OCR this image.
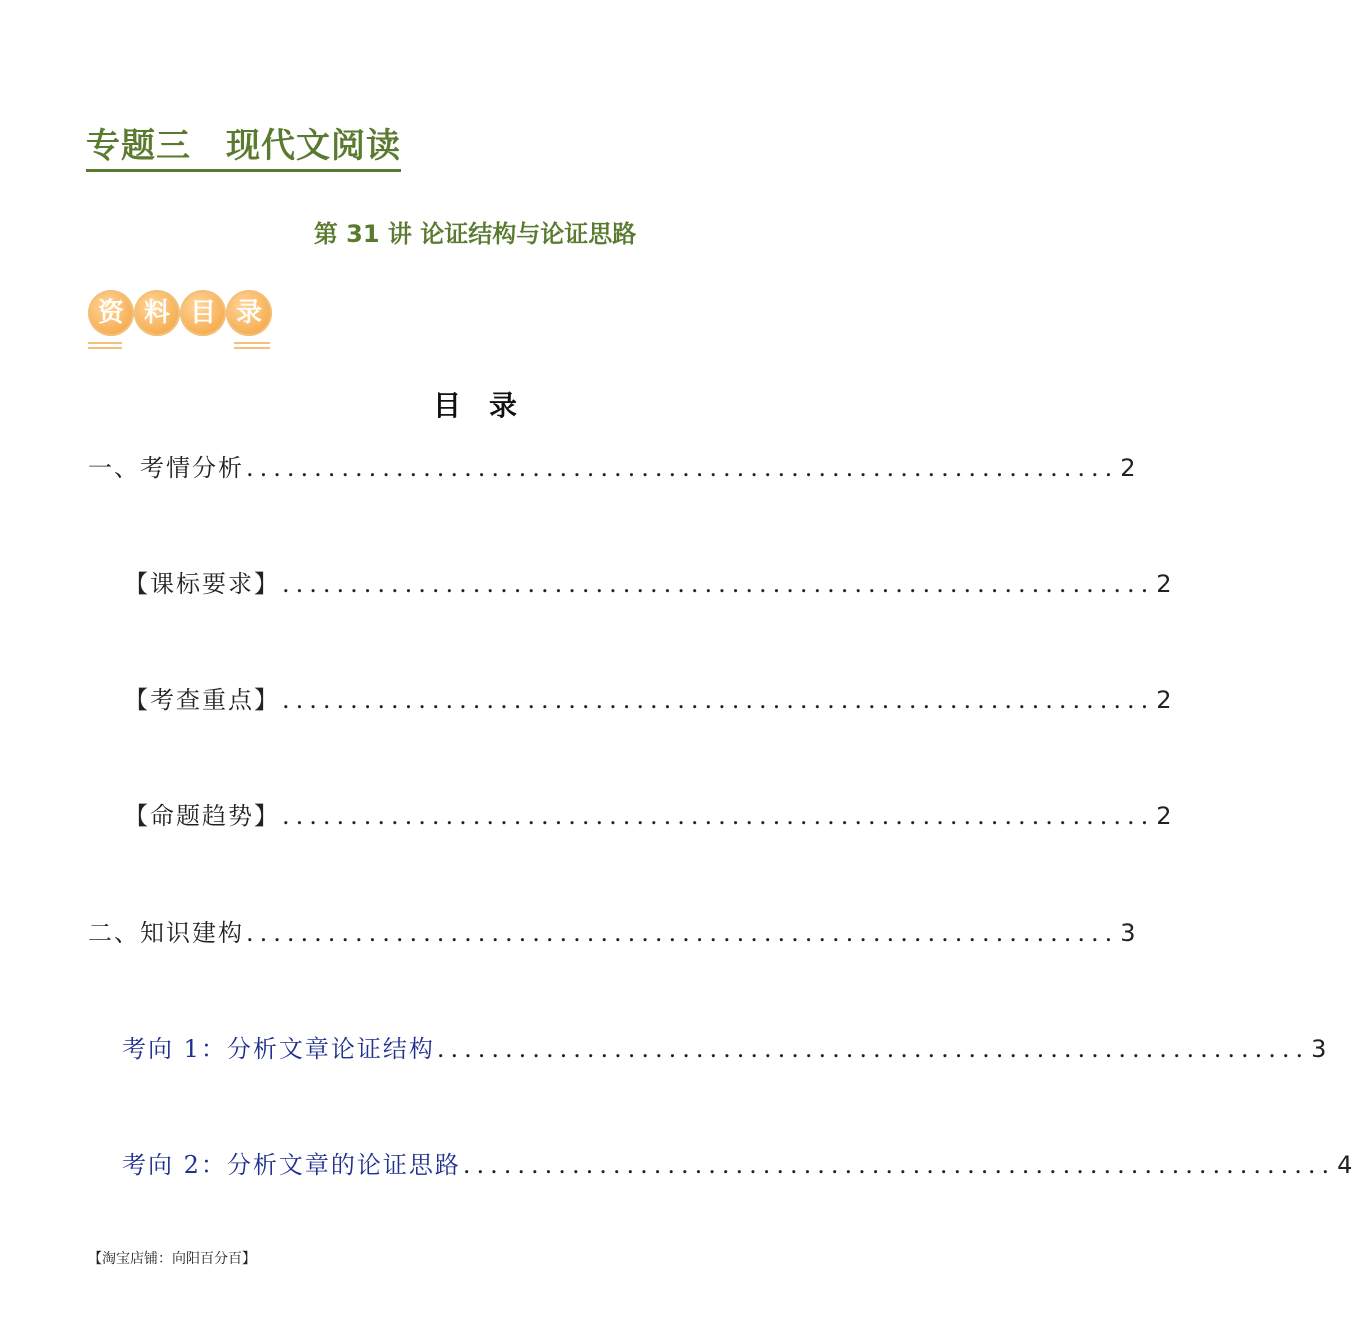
专题三　现代文阅读
第 31 讲 论证结构与论证思路
资 料 目 录
目　录
一、考情分析 ................................................................ 2
【课标要求】 ................................................................ 2
【考查重点】 ................................................................ 2
【命题趋势】 ................................................................ 2
二、知识建构 ................................................................ 3
考向 1：分析文章论证结构 ................................................................ 3
考向 2：分析文章的论证思路 ................................................................ 4
【淘宝店铺：向阳百分百】
